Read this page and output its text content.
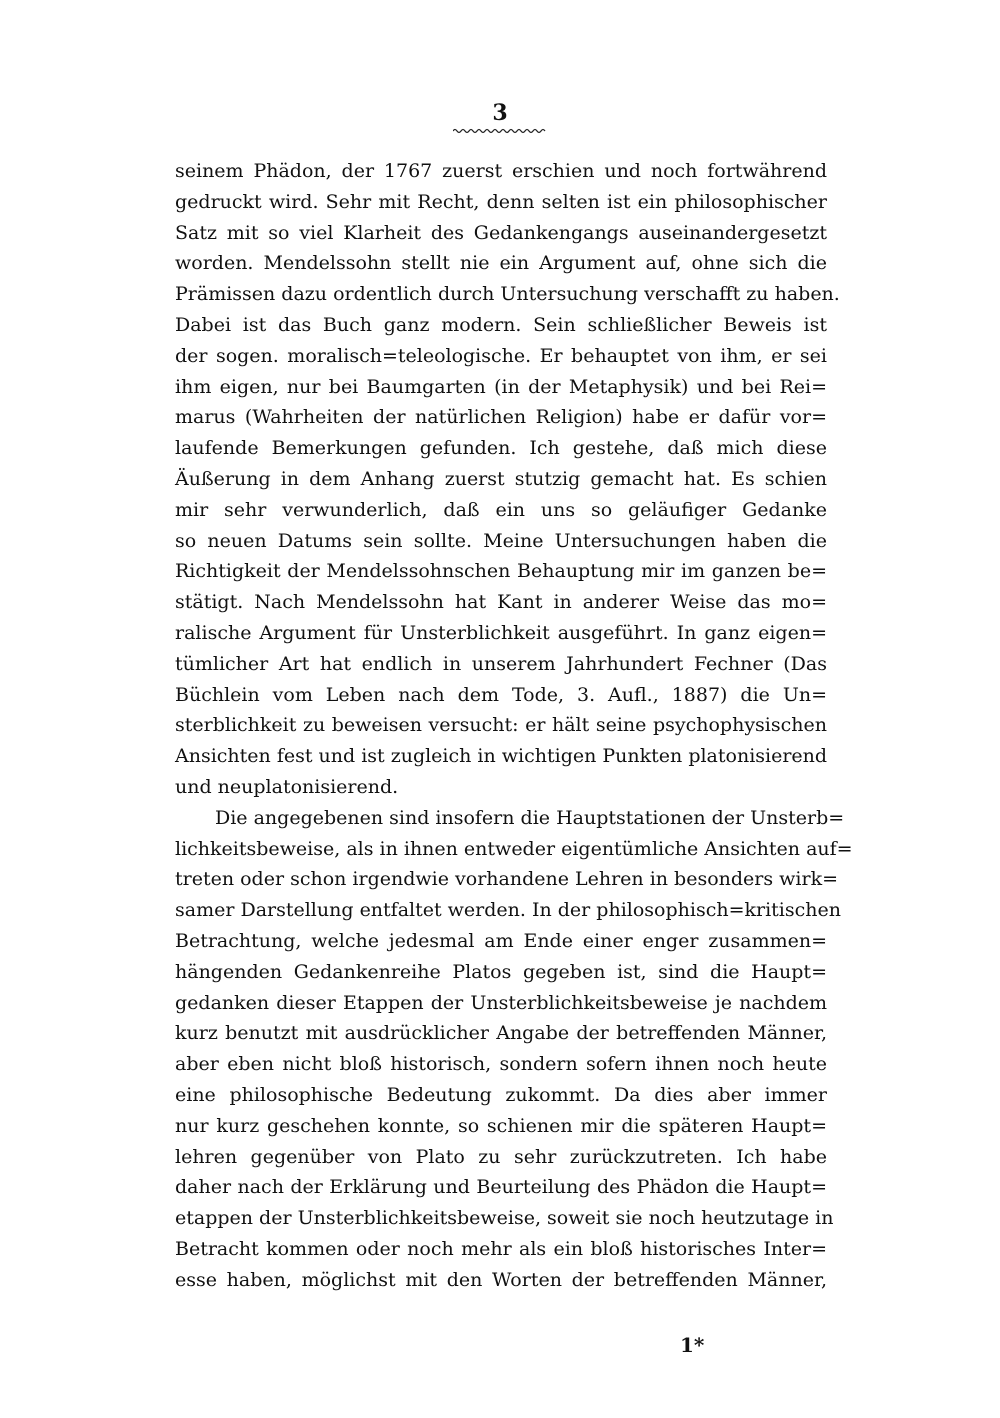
3
seinem Phädon, der 1767 zuerst erschien und noch fortwährend
gedruckt wird. Sehr mit Recht, denn selten ist ein philosophischer
Satz mit so viel Klarheit des Gedankengangs auseinandergesetzt
worden. Mendelssohn stellt nie ein Argument auf, ohne sich die
Prämissen dazu ordentlich durch Untersuchung verschafft zu haben.
Dabei ist das Buch ganz modern. Sein schließlicher Beweis ist
der sogen. moralisch=teleologische. Er behauptet von ihm, er sei
ihm eigen, nur bei Baumgarten (in der Metaphysik) und bei Rei=
marus (Wahrheiten der natürlichen Religion) habe er dafür vor=
laufende Bemerkungen gefunden. Ich gestehe, daß mich diese
Äußerung in dem Anhang zuerst stutzig gemacht hat. Es schien
mir sehr verwunderlich, daß ein uns so geläufiger Gedanke
so neuen Datums sein sollte. Meine Untersuchungen haben die
Richtigkeit der Mendelssohnschen Behauptung mir im ganzen be=
stätigt. Nach Mendelssohn hat Kant in anderer Weise das mo=
ralische Argument für Unsterblichkeit ausgeführt. In ganz eigen=
tümlicher Art hat endlich in unserem Jahrhundert Fechner (Das
Büchlein vom Leben nach dem Tode, 3. Aufl., 1887) die Un=
sterblichkeit zu beweisen versucht: er hält seine psychophysischen
Ansichten fest und ist zugleich in wichtigen Punkten platonisierend
und neuplatonisierend.
Die angegebenen sind insofern die Hauptstationen der Unsterb=
lichkeitsbeweise, als in ihnen entweder eigentümliche Ansichten auf=
treten oder schon irgendwie vorhandene Lehren in besonders wirk=
samer Darstellung entfaltet werden. In der philosophisch=kritischen
Betrachtung, welche jedesmal am Ende einer enger zusammen=
hängenden Gedankenreihe Platos gegeben ist, sind die Haupt=
gedanken dieser Etappen der Unsterblichkeitsbeweise je nachdem
kurz benutzt mit ausdrücklicher Angabe der betreffenden Männer,
aber eben nicht bloß historisch, sondern sofern ihnen noch heute
eine philosophische Bedeutung zukommt. Da dies aber immer
nur kurz geschehen konnte, so schienen mir die späteren Haupt=
lehren gegenüber von Plato zu sehr zurückzutreten. Ich habe
daher nach der Erklärung und Beurteilung des Phädon die Haupt=
etappen der Unsterblichkeitsbeweise, soweit sie noch heutzutage in
Betracht kommen oder noch mehr als ein bloß historisches Inter=
esse haben, möglichst mit den Worten der betreffenden Männer,
1*
